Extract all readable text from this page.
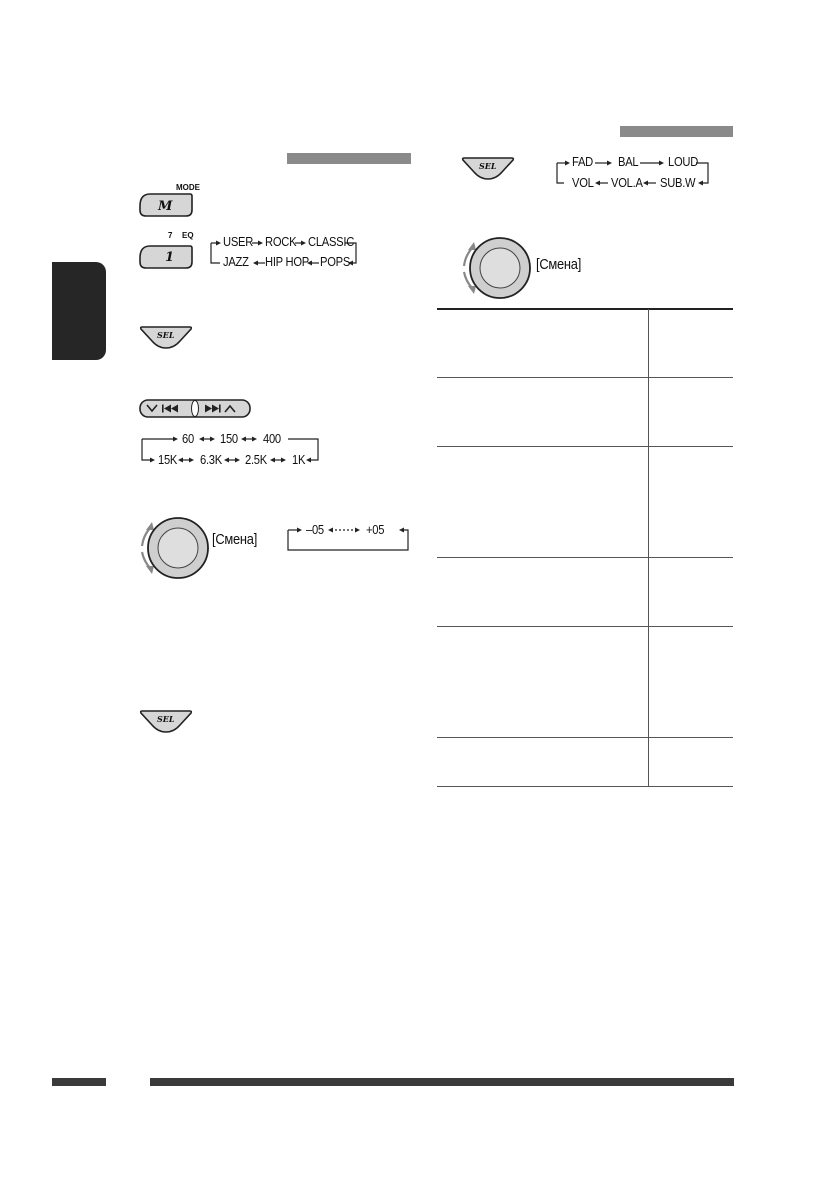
MODE
M
7 EQ
1
USER ROCK CLASSIC
JAZZ HIP HOP POPS
SEL
60 150 400
15K 6.3K 2.5K 1K
[Смена]
–05	+05
SEL
SEL	FAD BAL LOUD
VOL VOL.A SUB.W
[Смена]
